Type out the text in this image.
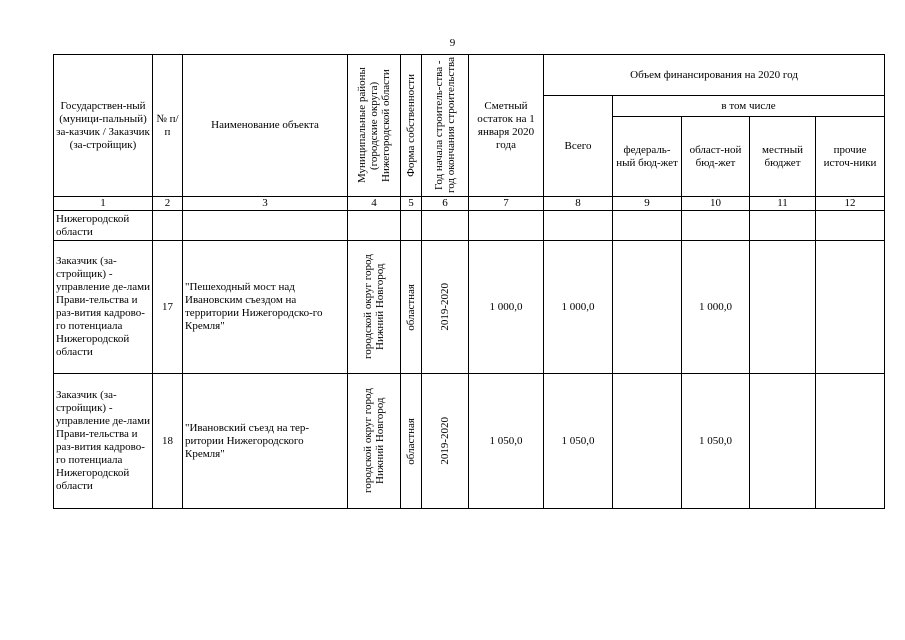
9
Государствен-ный (муници-пальный) за-казчик / Заказчик (за-стройщик)	№ п/п	Наименование объекта	Муниципальные районы (городские округа) Нижегородской области	Форма собственности	Год начала строитель-ства - год окончания строительства	Сметный остаток на 1 января 2020 года	Объем финансирования на 2020 год				
							Всего	в том числе			
								федераль-ный бюд-жет	област-ной бюд-жет	местный бюджет	прочие источ-ники
1	2	3	4	5	6	7	8	9	10	11	12
Нижегородской области											
Заказчик (за-стройщик) - управление де-лами Прави-тельства и раз-вития кадрово-го потенциала Нижегородской области	17	"Пешеходный мост над Ивановским съездом на территории Нижегородско-го Кремля"	городской округ город Нижний Новгород	областная	2019-2020	1 000,0	1 000,0		1 000,0		
Заказчик (за-стройщик) - управление де-лами Прави-тельства и раз-вития кадрово-го потенциала Нижегородской области	18	"Ивановский съезд на тер-ритории Нижегородского Кремля"	городской округ город Нижний Новгород	областная	2019-2020	1 050,0	1 050,0		1 050,0		
